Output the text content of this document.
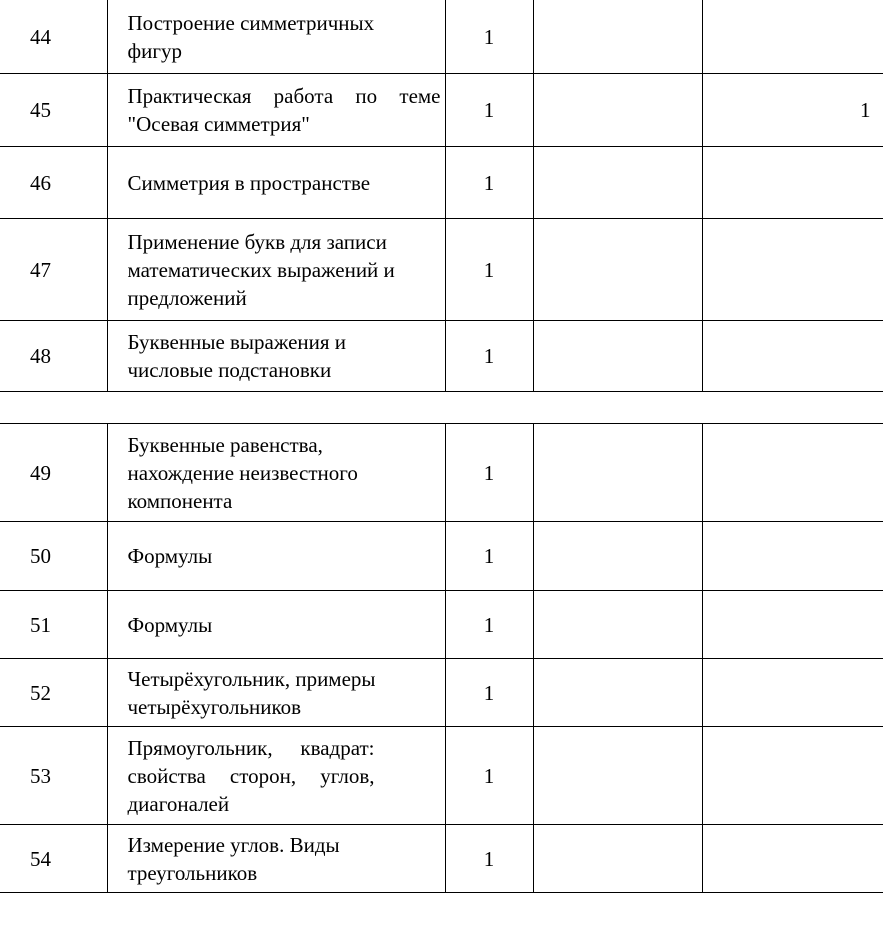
44	Построение симметричных фигур	1		
45	Практическая работа по теме "Осевая симметрия"	1		1
46	Симметрия в пространстве	1		
47	Применение букв для записи математических выражений и предложений	1		
48	Буквенные выражения и числовые подстановки	1		
49	Буквенные равенства, нахождение неизвестного компонента	1		
50	Формулы	1		
51	Формулы	1		
52	Четырёхугольник, примеры четырёхугольников	1		
53	Прямоугольник, квадрат: свойства сторон, углов, диагоналей	1		
54	Измерение углов. Виды треугольников	1		
